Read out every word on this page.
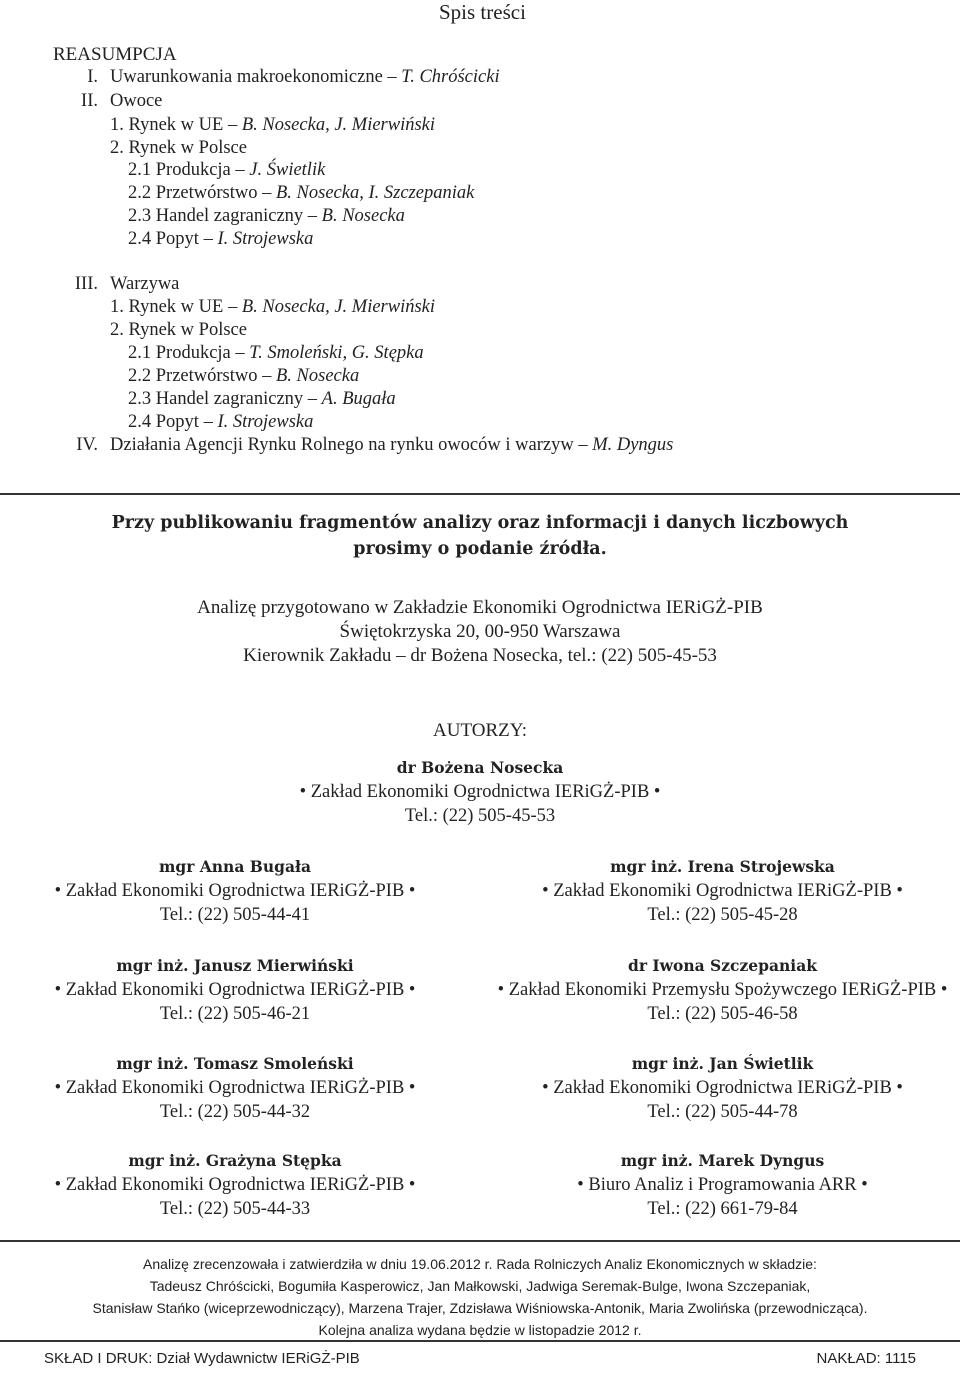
Spis treści
REASUMPCJA
I. Uwarunkowania makroekonomiczne – T. Chróścicki
II. Owoce
1. Rynek w UE – B. Nosecka, J. Mierwiński
2. Rynek w Polsce
2.1 Produkcja – J. Świetlik
2.2 Przetwórstwo – B. Nosecka, I. Szczepaniak
2.3 Handel zagraniczny – B. Nosecka
2.4 Popyt – I. Strojewska
III. Warzywa
1. Rynek w UE – B. Nosecka, J. Mierwiński
2. Rynek w Polsce
2.1 Produkcja – T. Smoleński, G. Stępka
2.2 Przetwórstwo – B. Nosecka
2.3 Handel zagraniczny – A. Bugała
2.4 Popyt – I. Strojewska
IV. Działania Agencji Rynku Rolnego na rynku owoców i warzyw – M. Dyngus
Przy publikowaniu fragmentów analizy oraz informacji i danych liczbowych
prosimy o podanie źródła.
Analizę przygotowano w Zakładzie Ekonomiki Ogrodnictwa IERiGŻ-PIB
Świętokrzyska 20, 00-950 Warszawa
Kierownik Zakładu – dr Bożena Nosecka, tel.: (22) 505-45-53
AUTORZY:
dr Bożena Nosecka
• Zakład Ekonomiki Ogrodnictwa IERiGŻ-PIB •
Tel.: (22) 505-45-53
mgr Anna Bugała
• Zakład Ekonomiki Ogrodnictwa IERiGŻ-PIB •
Tel.: (22) 505-44-41
mgr inż. Janusz Mierwiński
• Zakład Ekonomiki Ogrodnictwa IERiGŻ-PIB •
Tel.: (22) 505-46-21
mgr inż. Tomasz Smoleński
• Zakład Ekonomiki Ogrodnictwa IERiGŻ-PIB •
Tel.: (22) 505-44-32
mgr inż. Grażyna Stępka
• Zakład Ekonomiki Ogrodnictwa IERiGŻ-PIB •
Tel.: (22) 505-44-33
mgr inż. Irena Strojewska
• Zakład Ekonomiki Ogrodnictwa IERiGŻ-PIB •
Tel.: (22) 505-45-28
dr Iwona Szczepaniak
• Zakład Ekonomiki Przemysłu Spożywczego IERiGŻ-PIB •
Tel.: (22) 505-46-58
mgr inż. Jan Świetlik
• Zakład Ekonomiki Ogrodnictwa IERiGŻ-PIB •
Tel.: (22) 505-44-78
mgr inż. Marek Dyngus
• Biuro Analiz i Programowania ARR •
Tel.: (22) 661-79-84
Analizę zrecenzowała i zatwierdziła w dniu 19.06.2012 r. Rada Rolniczych Analiz Ekonomicznych w składzie:
Tadeusz Chróścicki, Bogumiła Kasperowicz, Jan Małkowski, Jadwiga Seremak-Bulge, Iwona Szczepaniak,
Stanisław Stańko (wiceprzewodniczący), Marzena Trajer, Zdzisława Wiśniowska-Antonik, Maria Zwolińska (przewodnicząca).
Kolejna analiza wydana będzie w listopadzie 2012 r.
SKŁAD I DRUK: Dział Wydawnictw IERiGŻ-PIB	NAKŁAD: 1115
